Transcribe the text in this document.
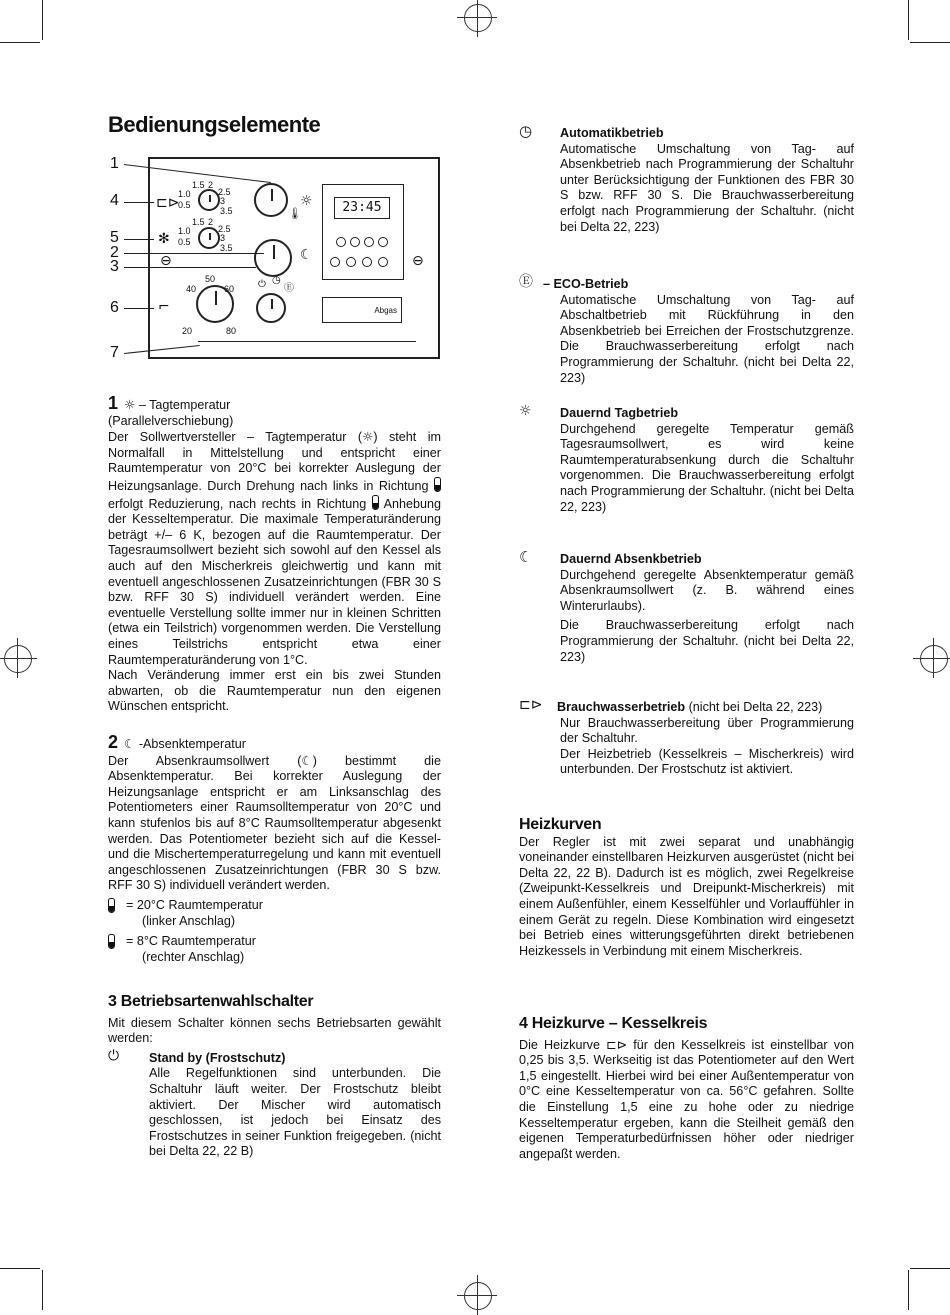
Bedienungselemente
1
4
5
2
3
6
7
⊏⊳
1.5 2
1.0	2.5
0.5	3
3.5
✻
1.5 2
1.0	2.5
0.5	3
3.5
⊖	⊖
☼
🌡
☾
⌐
50
40	60
20	80
⏻ ◷
Ⓔ
23:45
Abgas
1 ☼ – Tagtemperatur
(Parallelverschiebung)

Der Sollwertversteller – Tagtemperatur (☼) steht im Normalfall in Mittelstellung und entspricht einer Raumtemperatur von 20°C bei korrekter Auslegung der Heizungsanlage. Durch Drehung nach links in Richtung  erfolgt Reduzierung, nach rechts in Richtung Anhebung der Kesseltemperatur. Die maximale Temperaturänderung beträgt +/– 6 K, bezogen auf die Raumtemperatur. Der Tagesraumsollwert bezieht sich sowohl auf den Kessel als auch auf den Mischerkreis gleichwertig und kann mit eventuell angeschlossenen Zusatzeinrichtungen (FBR 30 S bzw. RFF 30 S) individuell verändert werden. Eine eventuelle Verstellung sollte immer nur in kleinen Schritten (etwa ein Teilstrich) vorgenommen werden. Die Verstellung eines Teilstrichs entspricht etwa einer Raumtemperaturänderung von 1°C.

Nach Veränderung immer erst ein bis zwei Stunden abwarten, ob die Raumtemperatur nun den eigenen Wünschen entspricht.

2 ☾ -Absenktemperatur

Der Absenkraumsollwert (☾) bestimmt die Absenktemperatur. Bei korrekter Auslegung der Heizungsanlage entspricht er am Linksanschlag des Potentiometers einer Raumsolltemperatur von 20°C und kann stufenlos bis auf 8°C Raumsolltemperatur abgesenkt werden. Das Potentiometer bezieht sich auf die Kessel- und die Mischertemperaturregelung und kann mit eventuell angeschlossenen Zusatzeinrichtungen (FBR 30 S bzw. RFF 30 S) individuell verändert werden.

= 20°C Raumtemperatur
(linker Anschlag)
= 8°C Raumtemperatur
(rechter Anschlag)
3 Betriebsartenwahlschalter

Mit diesem Schalter können sechs Betriebsarten gewählt werden:

⏻	Stand by (Frostschutz)

Alle Regelfunktionen sind unterbunden. Die Schaltuhr läuft weiter. Der Frostschutz bleibt aktiviert. Der Mischer wird automatisch geschlossen, ist jedoch bei Einsatz des Frostschutzes in seiner Funktion freigegeben. (nicht bei Delta 22, 22 B)

◷	Automatikbetrieb

Automatische Umschaltung von Tag- auf Absenkbetrieb nach Programmierung der Schaltuhr unter Berücksichtigung der Funktionen des FBR 30 S bzw. RFF 30 S. Die Brauchwasserbereitung erfolgt nach Programmierung der Schaltuhr. (nicht bei Delta 22, 223)

Ⓔ – ECO-Betrieb

Automatische Umschaltung von Tag- auf Abschaltbetrieb mit Rückführung in den Absenkbetrieb bei Erreichen der Frostschutzgrenze. Die Brauchwasserbereitung erfolgt nach Programmierung der Schaltuhr. (nicht bei Delta 22, 223)

☼	Dauernd Tagbetrieb

Durchgehend geregelte Temperatur gemäß Tagesraumsollwert, es wird keine Raumtemperaturabsenkung durch die Schaltuhr vorgenommen. Die Brauchwasserbereitung erfolgt nach Programmierung der Schaltuhr. (nicht bei Delta 22, 223)

☾	Dauernd Absenkbetrieb

Durchgehend geregelte Absenktemperatur gemäß Absenkraumsollwert (z. B. während eines Winterurlaubs).

Die Brauchwasserbereitung erfolgt nach Programmierung der Schaltuhr. (nicht bei Delta 22, 223)

⊏⊳	Brauchwasserbetrieb (nicht bei Delta 22, 223)

Nur Brauchwasserbereitung über Programmierung der Schaltuhr.

Der Heizbetrieb (Kesselkreis – Mischerkreis) wird unterbunden. Der Frostschutz ist aktiviert.

Heizkurven

Der Regler ist mit zwei separat und unabhängig voneinander einstellbaren Heizkurven ausgerüstet (nicht bei Delta 22, 22 B). Dadurch ist es möglich, zwei Regelkreise (Zweipunkt-Kesselkreis und Dreipunkt-Mischerkreis) mit einem Außenfühler, einem Kesselfühler und Vorlauffühler in einem Gerät zu regeln. Diese Kombination wird eingesetzt bei Betrieb eines witterungsgeführten direkt betriebenen Heizkessels in Verbindung mit einem Mischerkreis.

4 Heizkurve – Kesselkreis

Die Heizkurve ⊏⊳ für den Kesselkreis ist einstellbar von 0,25 bis 3,5. Werkseitig ist das Potentiometer auf den Wert 1,5 eingestellt. Hierbei wird bei einer Außentemperatur von 0°C eine Kesseltemperatur von ca. 56°C gefahren. Sollte die Einstellung 1,5 eine zu hohe oder zu niedrige Kesseltemperatur ergeben, kann die Steilheit gemäß den eigenen Temperaturbedürfnissen höher oder niedriger angepaßt werden.
